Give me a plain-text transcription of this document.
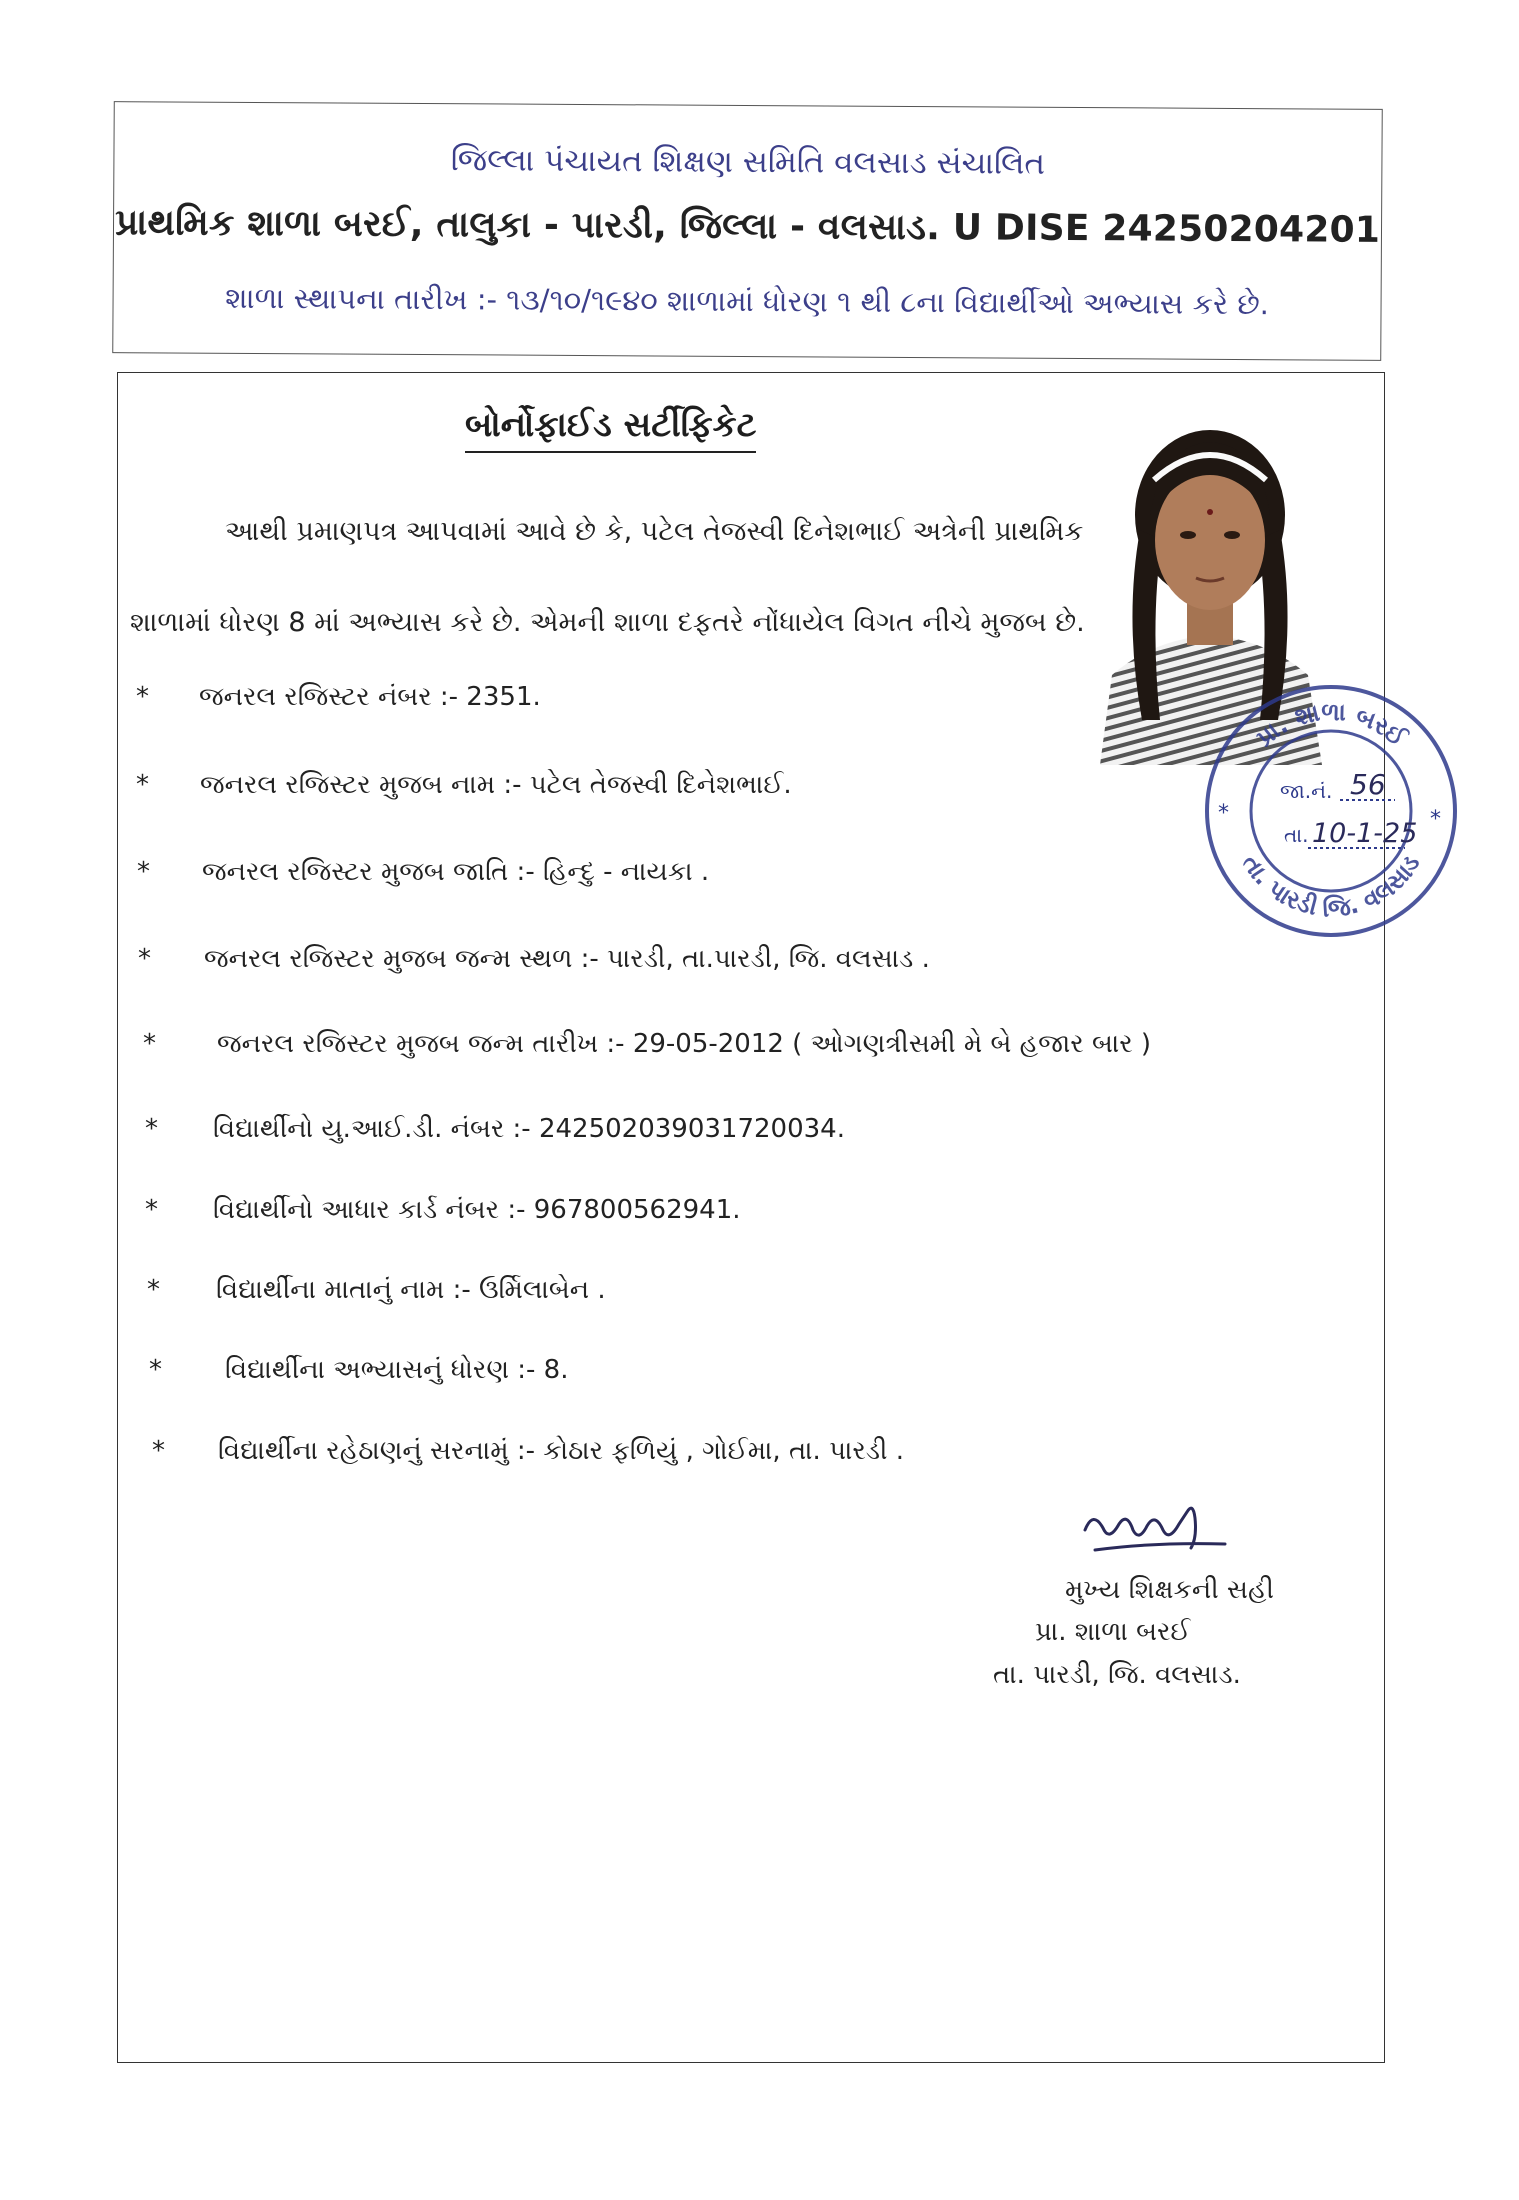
જિલ્લા પંચાયત શિક્ષણ સમિતિ વલસાડ સંચાલિત
પ્રાથમિક શાળા બરઈ, તાલુકા - પારડી, જિલ્લા - વલસાડ. U DISE 24250204201
શાળા સ્થાપના તારીખ :- ૧૩/૧૦/૧૯૪૦ શાળામાં ધોરણ ૧ થી ૮ના વિદ્યાર્થીઓ અભ્યાસ કરે છે.
બોર્નોફાઈડ સર્ટીફિકેટ
આથી પ્રમાણપત્ર આપવામાં આવે છે કે, પટેલ તેજસ્વી દિનેશભાઈ અત્રેની પ્રાથમિક
શાળામાં ધોરણ 8 માં અભ્યાસ કરે છે. એમની શાળા દફતરે નોંધાયેલ વિગત નીચે મુજબ છે.
* જનરલ રજિસ્ટર નંબર :- 2351.
* જનરલ રજિસ્ટર મુજબ નામ :- પટેલ તેજસ્વી દિનેશભાઈ.
* જનરલ રજિસ્ટર મુજબ જાતિ :- હિન્દુ - નાયકા .
* જનરલ રજિસ્ટર મુજબ જન્મ સ્થળ :- પારડી, તા.પારડી, જિ. વલસાડ .
* જનરલ રજિસ્ટર મુજબ જન્મ તારીખ :- 29-05-2012 ( ઓગણત્રીસમી મે બે હજાર બાર )
* વિદ્યાર્થીનો યુ.આઈ.ડી. નંબર :- 242502039031720034.
* વિદ્યાર્થીનો આધાર કાર્ડ નંબર :- 967800562941.
* વિદ્યાર્થીના માતાનું નામ :- ઉર્મિલાબેન .
* વિદ્યાર્થીના અભ્યાસનું ધોરણ :- 8.
* વિદ્યાર્થીના રહેઠાણનું સરનામું :- કોઠાર ફળિયું , ગોઈમા, તા. પારડી .
પ્રા. શાળા બરઈ
તા. પારડી જિ. વલસાડ
*	*
જા.નં. 56
તા. 10-1-25
મુખ્ય શિક્ષકની સહી
પ્રા. શાળા બરઈ
તા. પારડી, જિ. વલસાડ.
